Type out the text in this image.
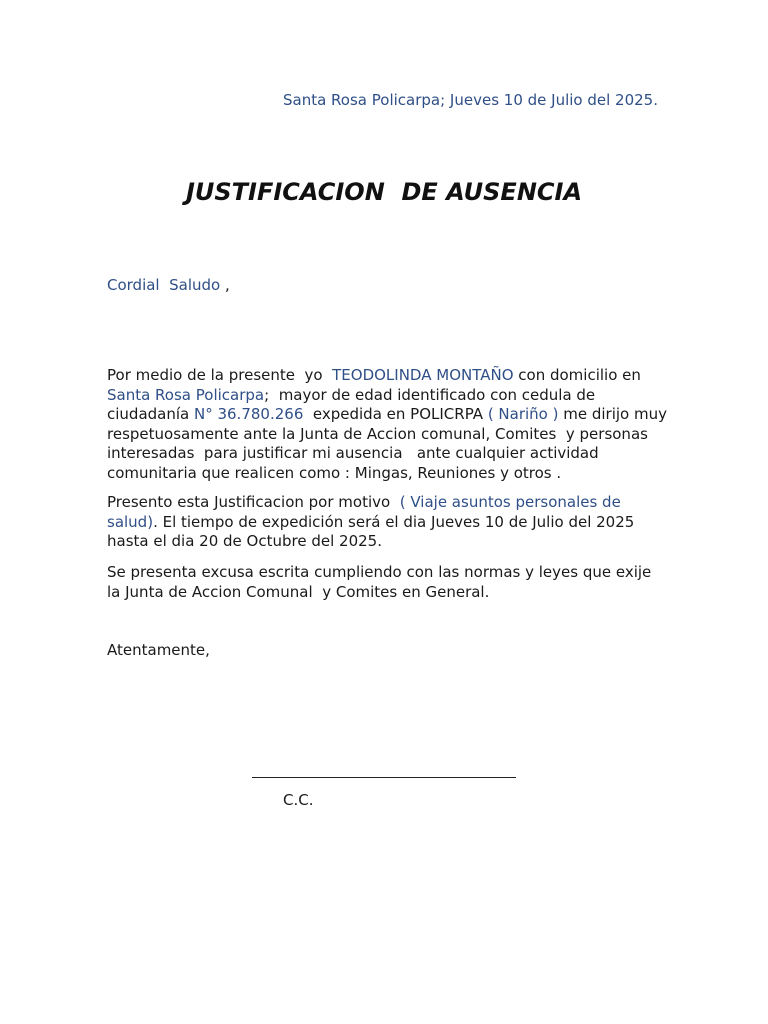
Santa Rosa Policarpa; Jueves 10 de Julio del 2025.
JUSTIFICACION  DE AUSENCIA
Cordial  Saludo ,
Por medio de la presente  yo  TEODOLINDA MONTAÑO con domicilio en Santa Rosa Policarpa;  mayor de edad identificado con cedula de ciudadanía N° 36.780.266  expedida en POLICRPA ( Nariño ) me dirijo muy respetuosamente ante la Junta de Accion comunal, Comites  y personas interesadas  para justificar mi ausencia   ante cualquier actividad comunitaria que realicen como : Mingas, Reuniones y otros .
Presento esta Justificacion por motivo  ( Viaje asuntos personales de salud). El tiempo de expedición será el dia Jueves 10 de Julio del 2025 hasta el dia 20 de Octubre del 2025.
Se presenta excusa escrita cumpliendo con las normas y leyes que exije la Junta de Accion Comunal  y Comites en General.
Atentamente,
C.C.
